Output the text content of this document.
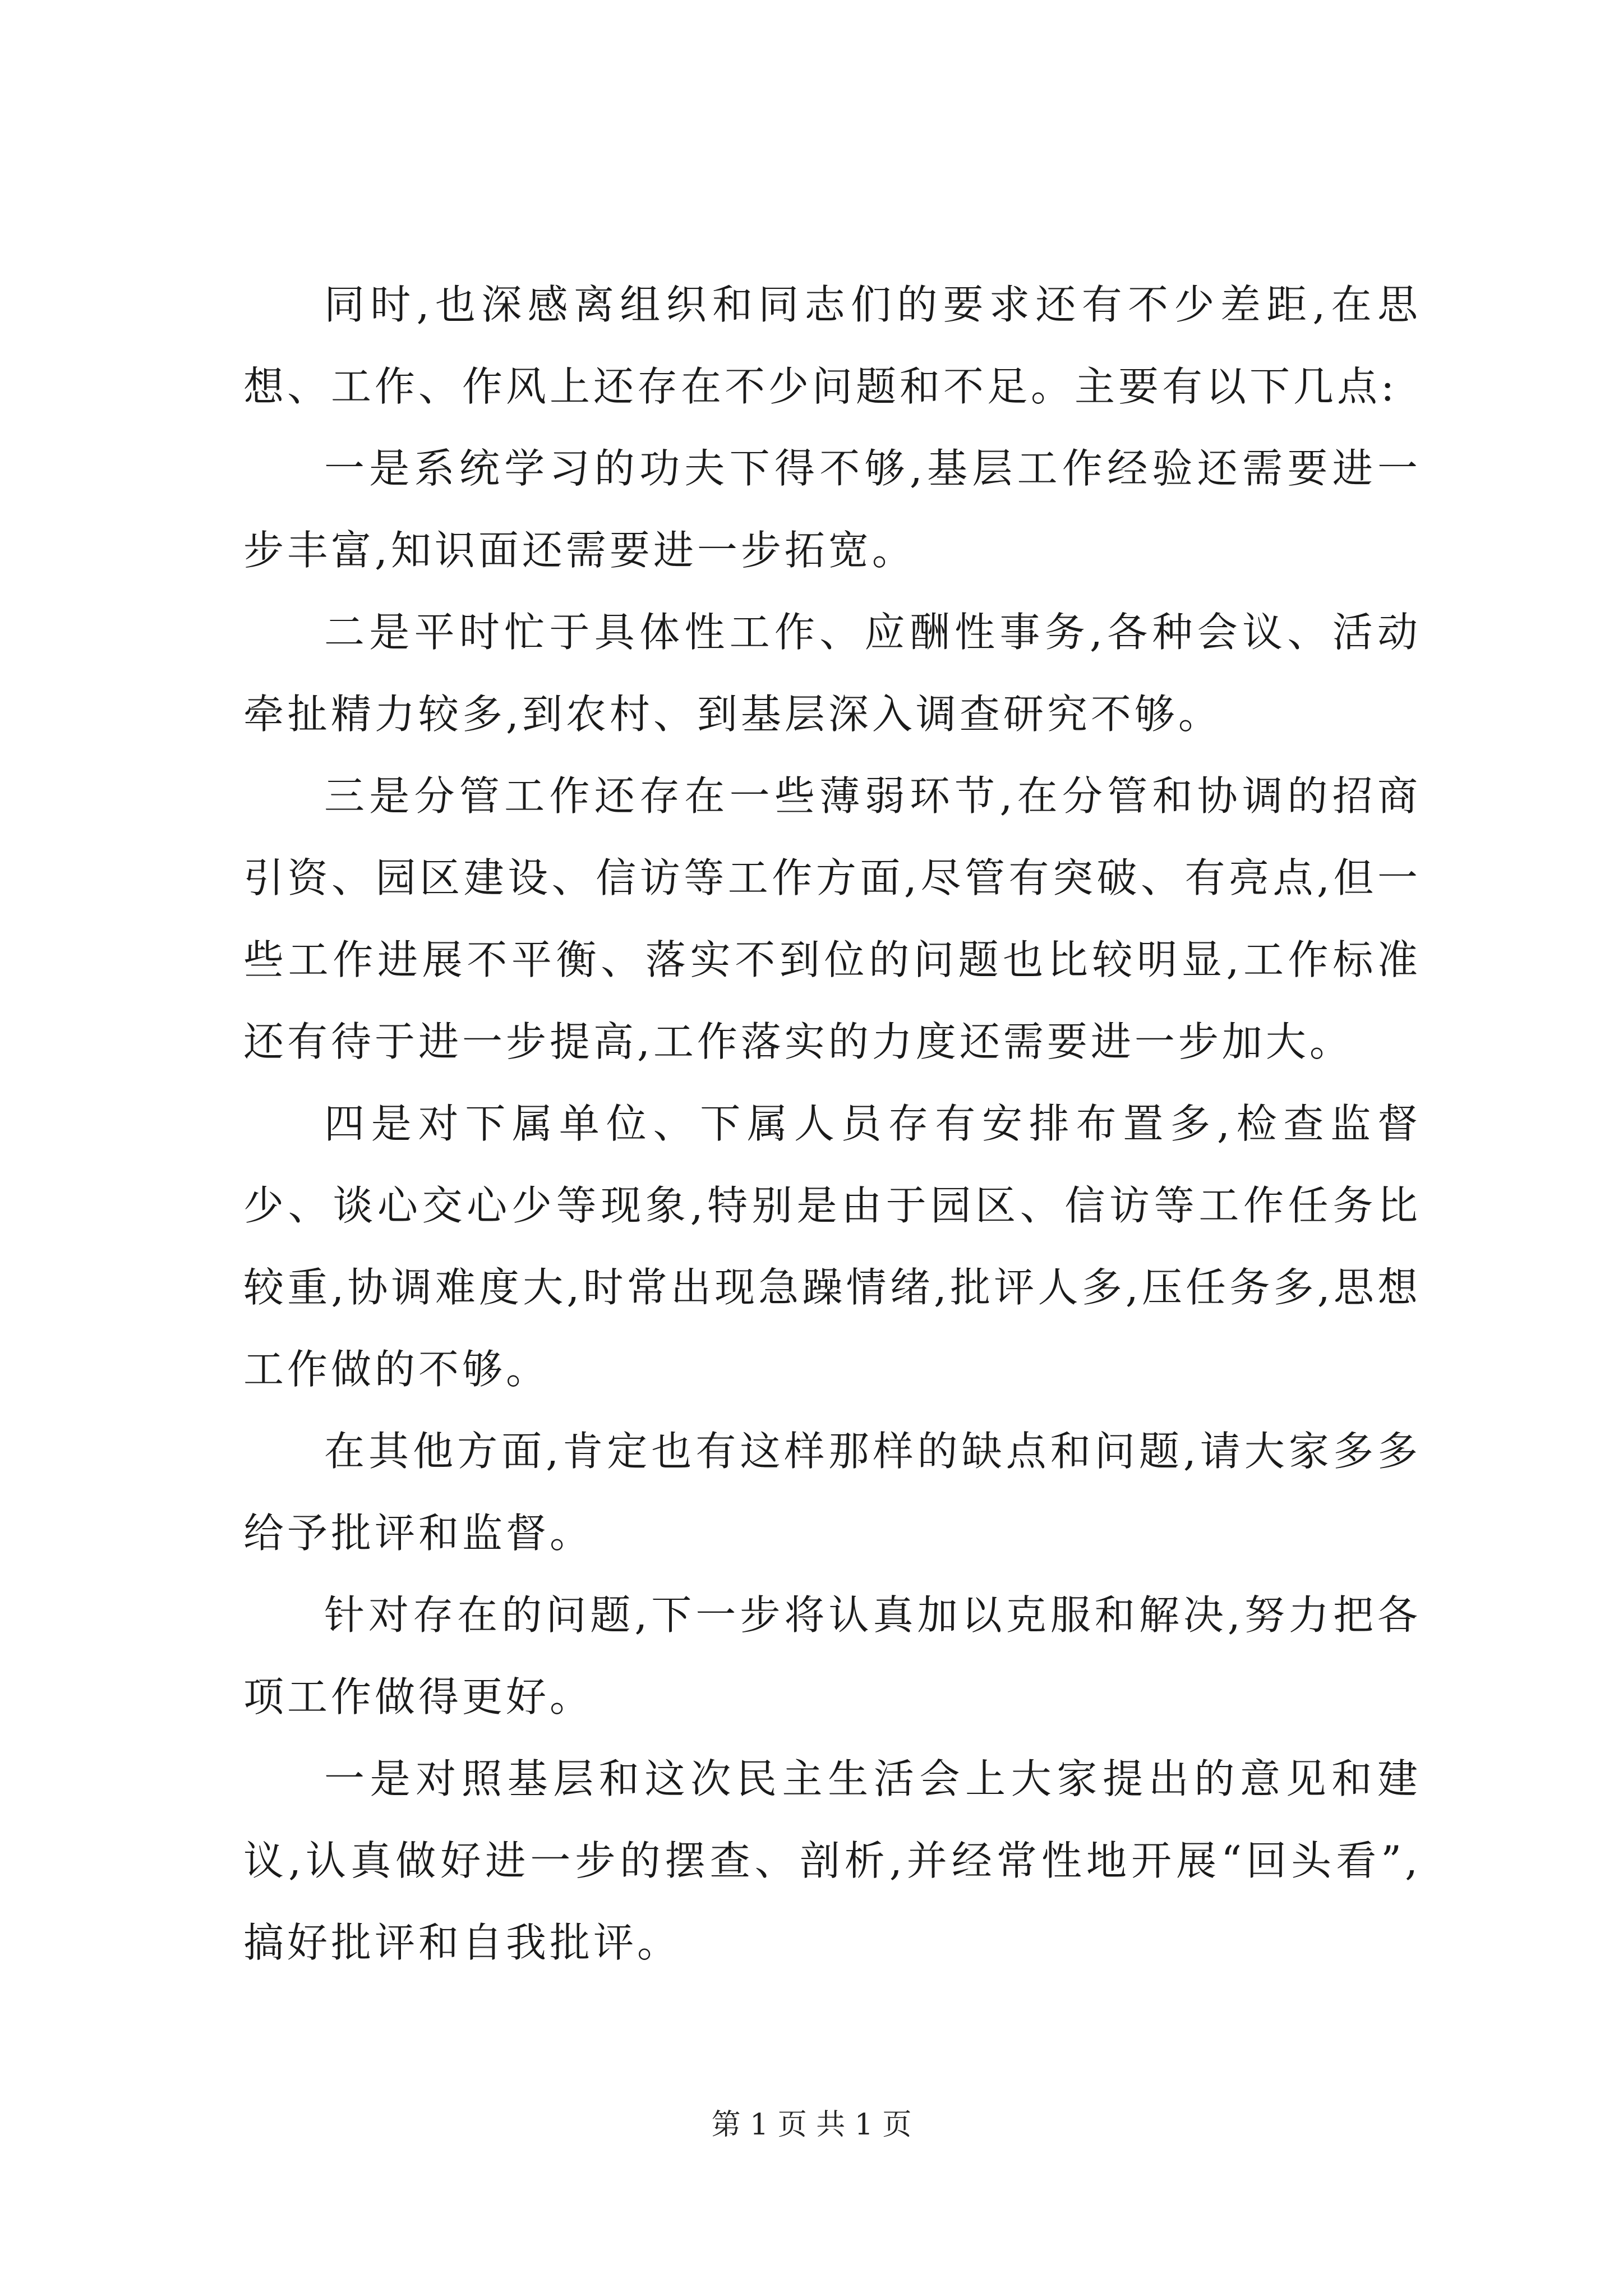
同时,也深感离组织和同志们的要求还有不少差距,在思想、工作、作风上还存在不少问题和不足。主要有以下几点:

一是系统学习的功夫下得不够,基层工作经验还需要进一步丰富,知识面还需要进一步拓宽。

二是平时忙于具体性工作、应酬性事务,各种会议、活动牵扯精力较多,到农村、到基层深入调查研究不够。

三是分管工作还存在一些薄弱环节,在分管和协调的招商引资、园区建设、信访等工作方面,尽管有突破、有亮点,但一些工作进展不平衡、落实不到位的问题也比较明显,工作标准还有待于进一步提高,工作落实的力度还需要进一步加大。

四是对下属单位、下属人员存有安排布置多,检查监督少、谈心交心少等现象,特别是由于园区、信访等工作任务比较重,协调难度大,时常出现急躁情绪,批评人多,压任务多,思想工作做的不够。

在其他方面,肯定也有这样那样的缺点和问题,请大家多多给予批评和监督。

针对存在的问题,下一步将认真加以克服和解决,努力把各项工作做得更好。

一是对照基层和这次民主生活会上大家提出的意见和建议,认真做好进一步的摆查、剖析,并经常性地开展“回头看”,搞好批评和自我批评。

第 1 页 共 1 页
